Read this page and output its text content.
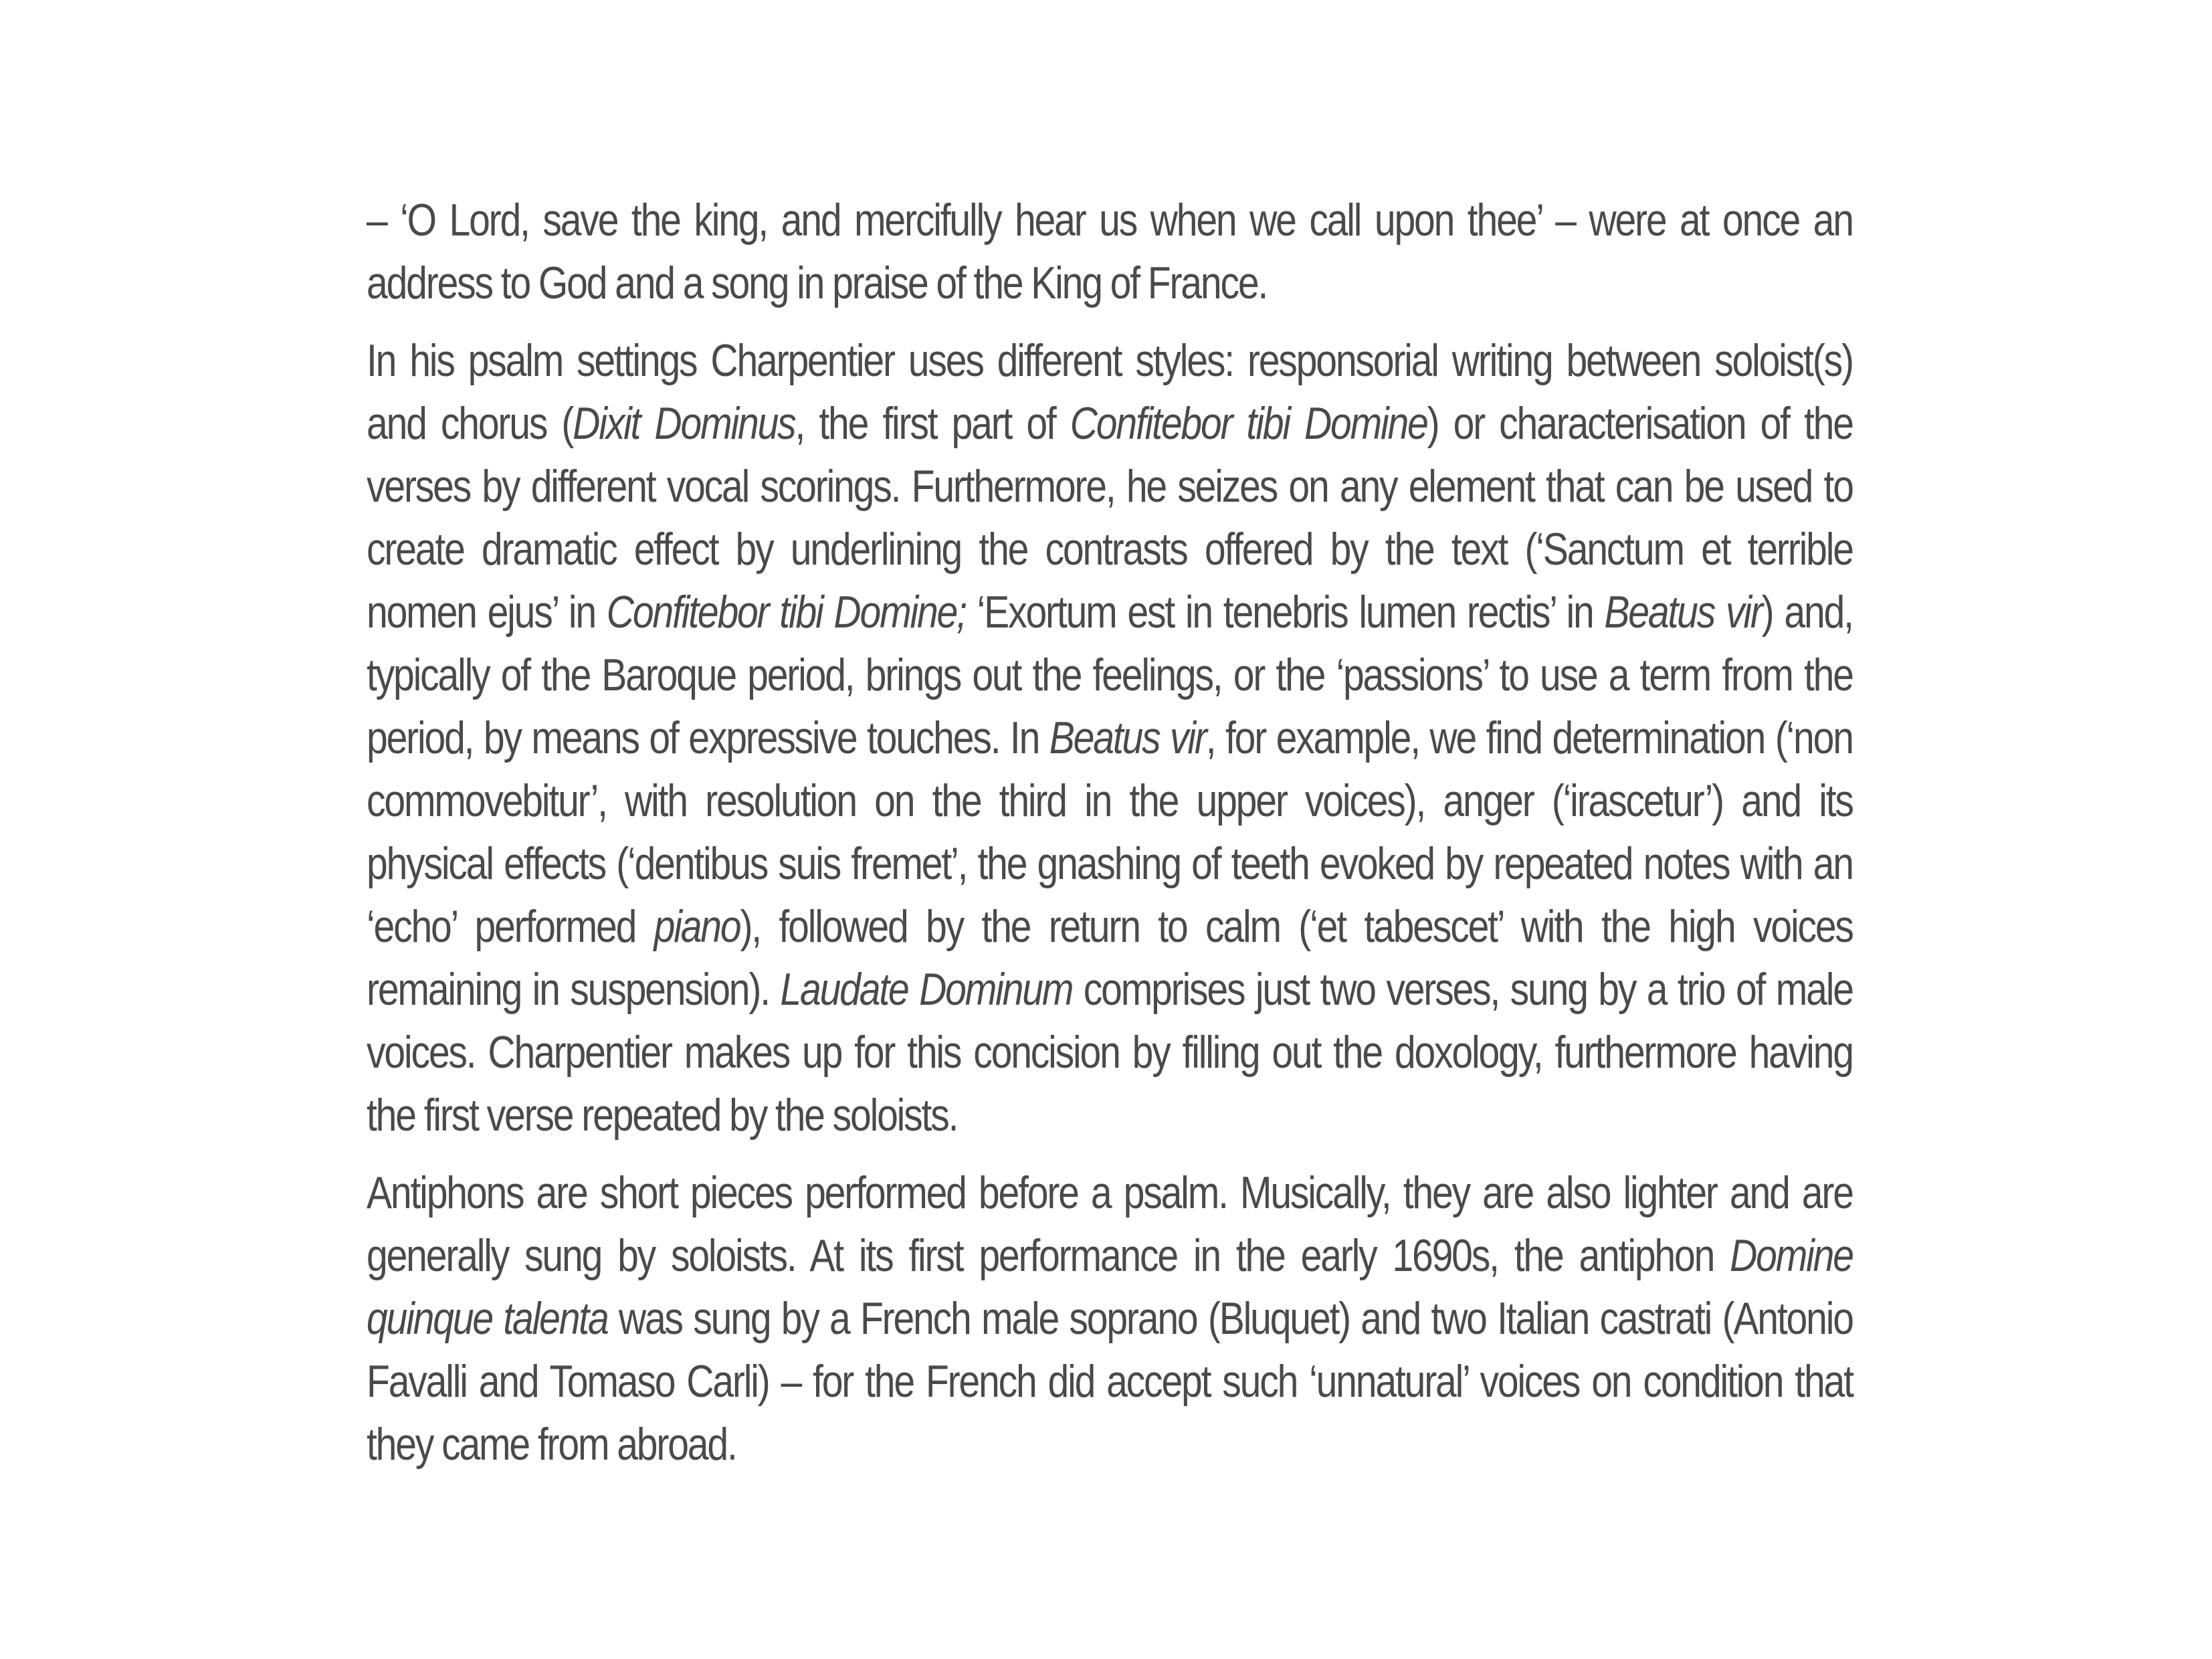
– ‘O Lord, save the king, and mercifully hear us when we call upon thee’ – were at once an address to God and a song in praise of the King of France.

In his psalm settings Charpentier uses different styles: responsorial writing between soloist(s) and chorus (Dixit Dominus, the first part of Confitebor tibi Domine) or characterisation of the verses by different vocal scorings. Furthermore, he seizes on any element that can be used to create dramatic effect by underlining the contrasts offered by the text (‘Sanctum et terrible nomen ejus’ in Confitebor tibi Domine; ‘Exortum est in tenebris lumen rectis’ in Beatus vir) and, typically of the Baroque period, brings out the feelings, or the ‘passions’ to use a term from the period, by means of expressive touches. In Beatus vir, for example, we find determination (‘non commovebitur’, with resolution on the third in the upper voices), anger (‘irascetur’) and its physical effects (‘dentibus suis fremet’, the gnashing of teeth evoked by repeated notes with an ‘echo’ performed piano), followed by the return to calm (‘et tabescet’ with the high voices remaining in suspension). Laudate Dominum comprises just two verses, sung by a trio of male voices. Charpentier makes up for this concision by filling out the doxology, furthermore having the first verse repeated by the soloists.

Antiphons are short pieces performed before a psalm. Musically, they are also lighter and are generally sung by soloists. At its first performance in the early 1690s, the antiphon Domine quinque talenta was sung by a French male soprano (Bluquet) and two Italian castrati (Antonio Favalli and Tomaso Carli) – for the French did accept such ‘unnatural’ voices on condition that they came from abroad.
